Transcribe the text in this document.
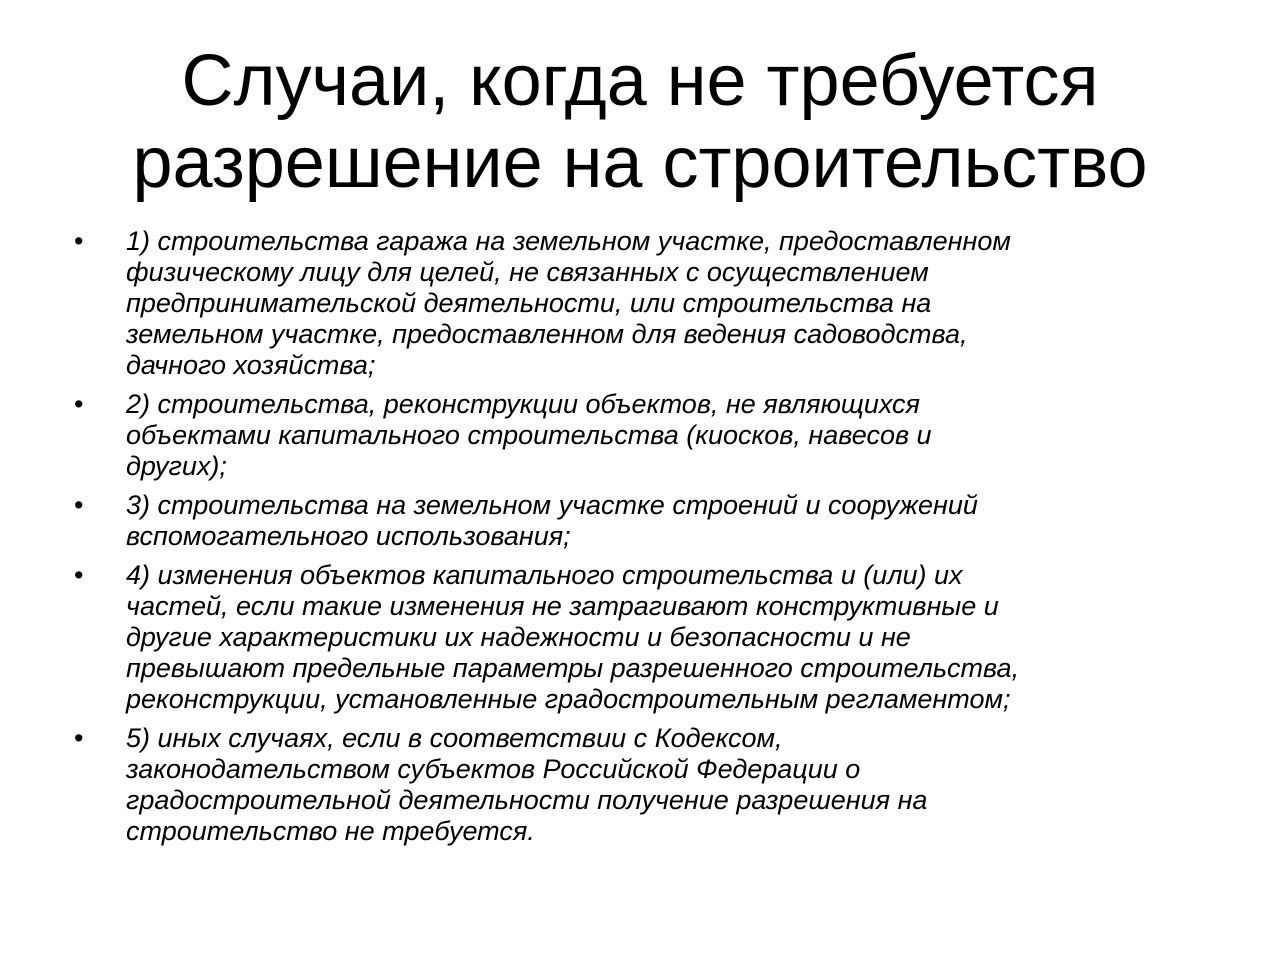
Случаи, когда не требуется
разрешение на строительство
• 1) строительства гаража на земельном участке, предоставленном
физическому лицу для целей, не связанных с осуществлением
предпринимательской деятельности, или строительства на
земельном участке, предоставленном для ведения садоводства,
дачного хозяйства;
• 2) строительства, реконструкции объектов, не являющихся
объектами капитального строительства (киосков, навесов и
других);
• 3) строительства на земельном участке строений и сооружений
вспомогательного использования;
• 4) изменения объектов капитального строительства и (или) их
частей, если такие изменения не затрагивают конструктивные и
другие характеристики их надежности и безопасности и не
превышают предельные параметры разрешенного строительства,
реконструкции, установленные градостроительным регламентом;
• 5) иных случаях, если в соответствии с Кодексом,
законодательством субъектов Российской Федерации о
градостроительной деятельности получение разрешения на
строительство не требуется.
